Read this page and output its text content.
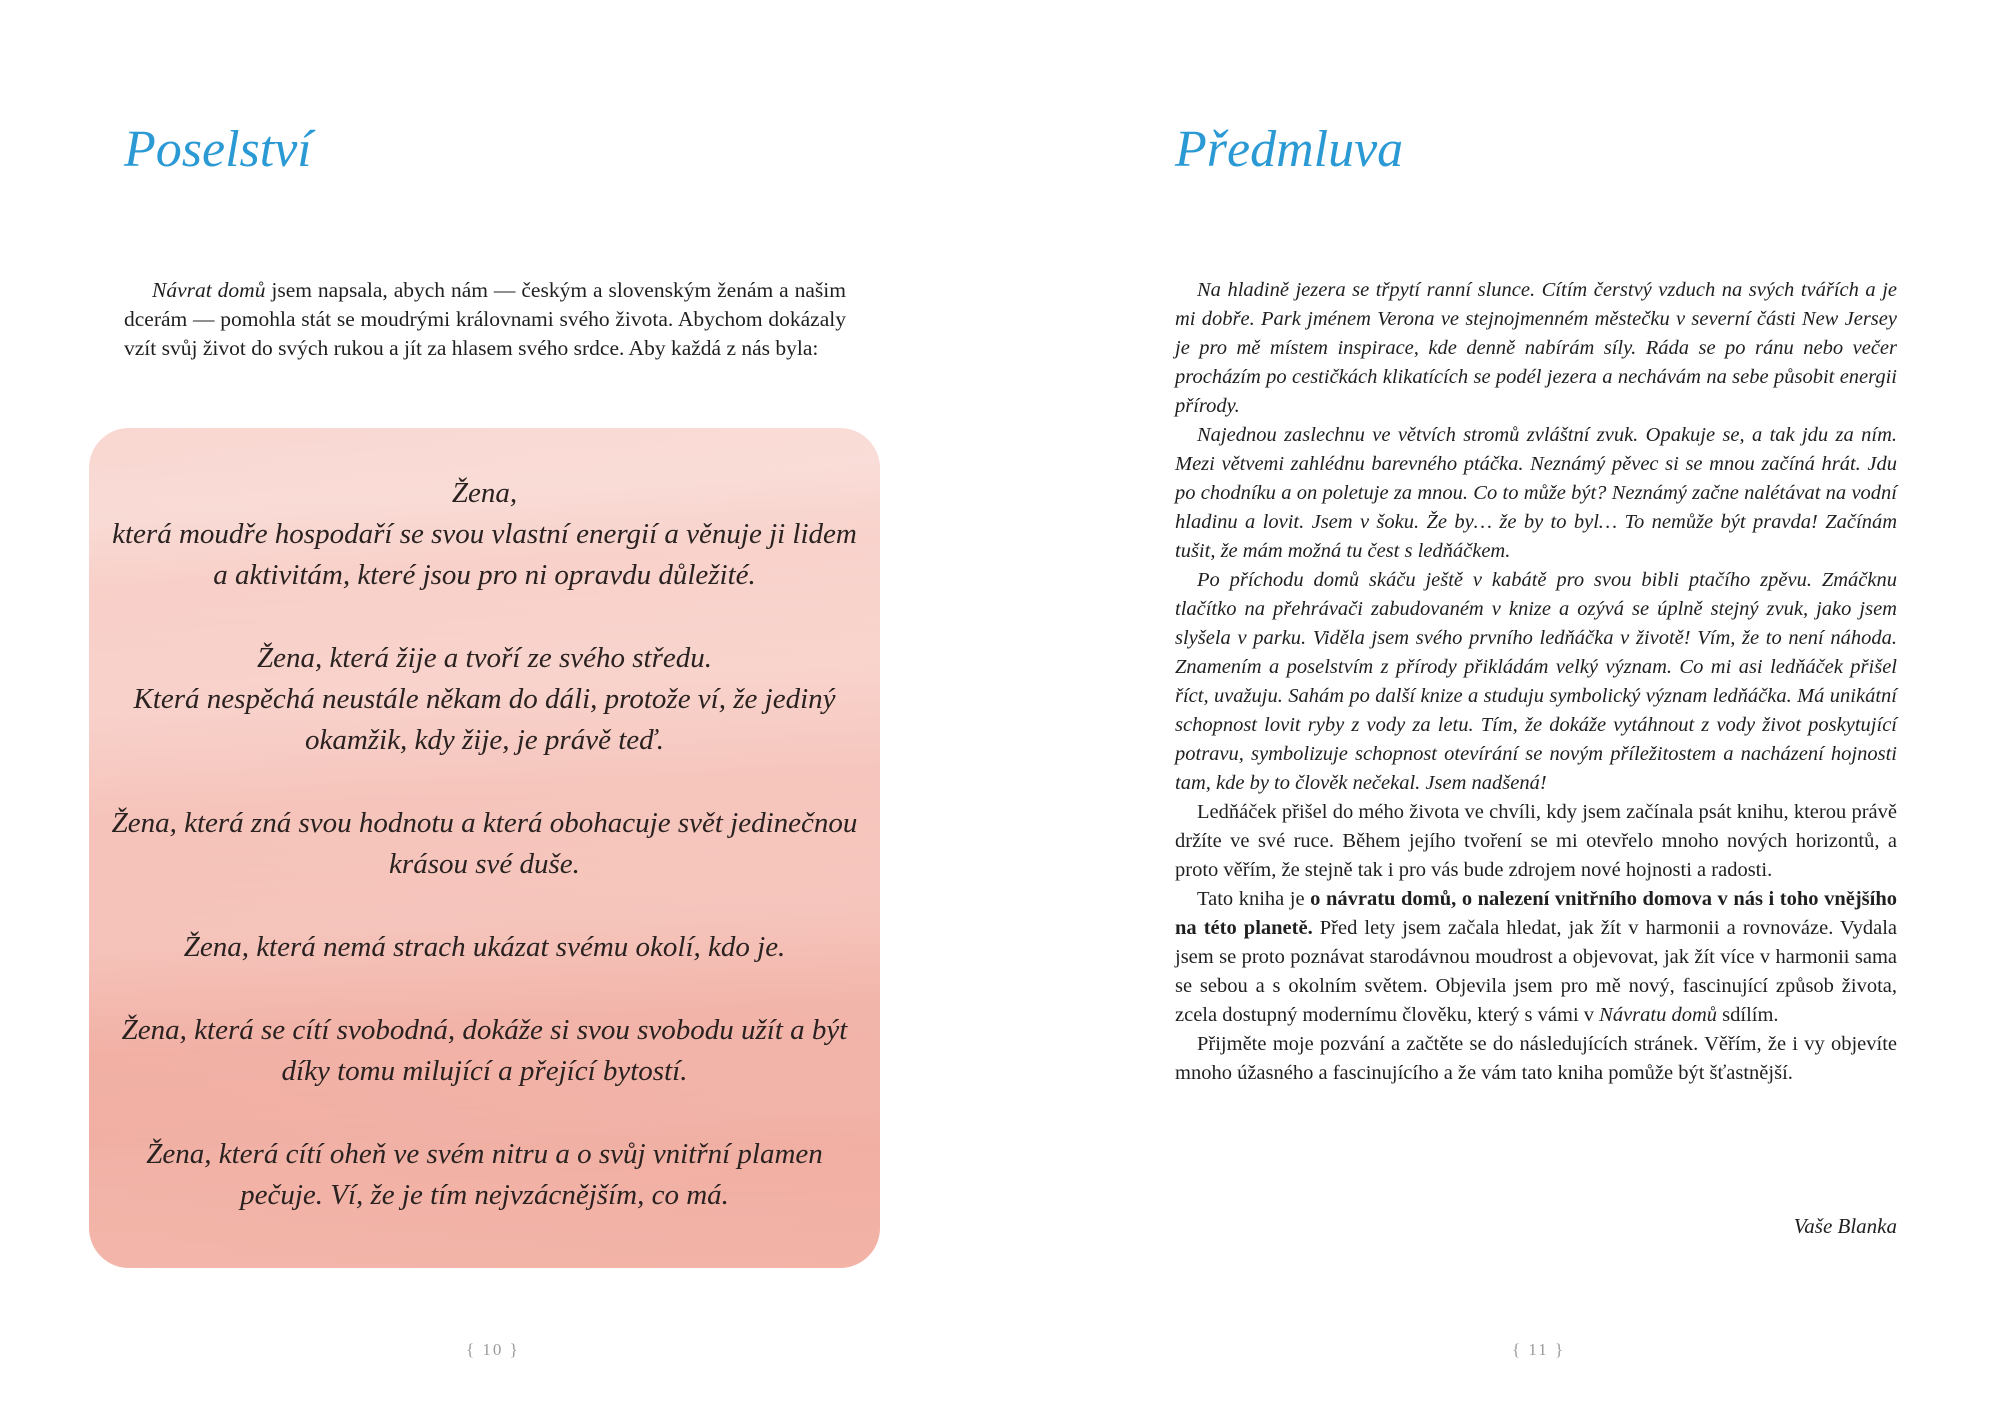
Poselství

Návrat domů jsem napsala, abych nám — českým a slovenským ženám a našim dcerám — pomohla stát se moudrými královnami svého života. Abychom dokázaly vzít svůj život do svých rukou a jít za hlasem svého srdce. Aby každá z nás byla:

Žena,
která moudře hospodaří se svou vlastní energií a věnuje ji lidem a aktivitám, které jsou pro ni opravdu důležité.
Žena, která žije a tvoří ze svého středu.
Která nespěchá neustále někam do dáli, protože ví, že jediný okamžik, kdy žije, je právě teď.
Žena, která zná svou hodnotu a která obohacuje svět jedinečnou krásou své duše.
Žena, která nemá strach ukázat svému okolí, kdo je.
Žena, která se cítí svobodná, dokáže si svou svobodu užít a být díky tomu milující a přející bytostí.
Žena, která cítí oheň ve svém nitru a o svůj vnitřní plamen pečuje. Ví, že je tím nejvzácnějším, co má.
{ 10 }
Předmluva

Na hladině jezera se třpytí ranní slunce. Cítím čerstvý vzduch na svých tvářích a je mi dobře. Park jménem Verona ve stejnojmenném městečku v severní části New Jersey je pro mě místem inspirace, kde denně nabírám síly. Ráda se po ránu nebo večer procházím po cestičkách klikatících se podél jezera a nechávám na sebe působit energii přírody.

Najednou zaslechnu ve větvích stromů zvláštní zvuk. Opakuje se, a tak jdu za ním. Mezi větvemi zahlédnu barevného ptáčka. Neznámý pěvec si se mnou začíná hrát. Jdu po chodníku a on poletuje za mnou. Co to může být? Neznámý začne nalétávat na vodní hladinu a lovit. Jsem v šoku. Že by… že by to byl… To nemůže být pravda! Začínám tušit, že mám možná tu čest s ledňáčkem.

Po příchodu domů skáču ještě v kabátě pro svou bibli ptačího zpěvu. Zmáčknu tlačítko na přehrávači zabudovaném v knize a ozývá se úplně stejný zvuk, jako jsem slyšela v parku. Viděla jsem svého prvního ledňáčka v životě! Vím, že to není náhoda. Znamením a poselstvím z přírody přikládám velký význam. Co mi asi ledňáček přišel říct, uvažuju. Sahám po další knize a studuju symbolický význam ledňáčka. Má unikátní schopnost lovit ryby z vody za letu. Tím, že dokáže vytáhnout z vody život poskytující potravu, symbolizuje schopnost otevírání se novým příležitostem a nacházení hojnosti tam, kde by to člověk nečekal. Jsem nadšená!

Ledňáček přišel do mého života ve chvíli, kdy jsem začínala psát knihu, kterou právě držíte ve své ruce. Během jejího tvoření se mi otevřelo mnoho nových horizontů, a proto věřím, že stejně tak i pro vás bude zdrojem nové hojnosti a radosti.

Tato kniha je o návratu domů, o nalezení vnitřního domova v nás i toho vnějšího na této planetě. Před lety jsem začala hledat, jak žít v harmonii a rovnováze. Vydala jsem se proto poznávat starodávnou moudrost a objevovat, jak žít více v harmonii sama se sebou a s okolním světem. Objevila jsem pro mě nový, fascinující způsob života, zcela dostupný modernímu člověku, který s vámi v Návratu domů sdílím.

Přijměte moje pozvání a začtěte se do následujících stránek. Věřím, že i vy objevíte mnoho úžasného a fascinujícího a že vám tato kniha pomůže být šťastnější.

Vaše Blanka
{ 11 }
